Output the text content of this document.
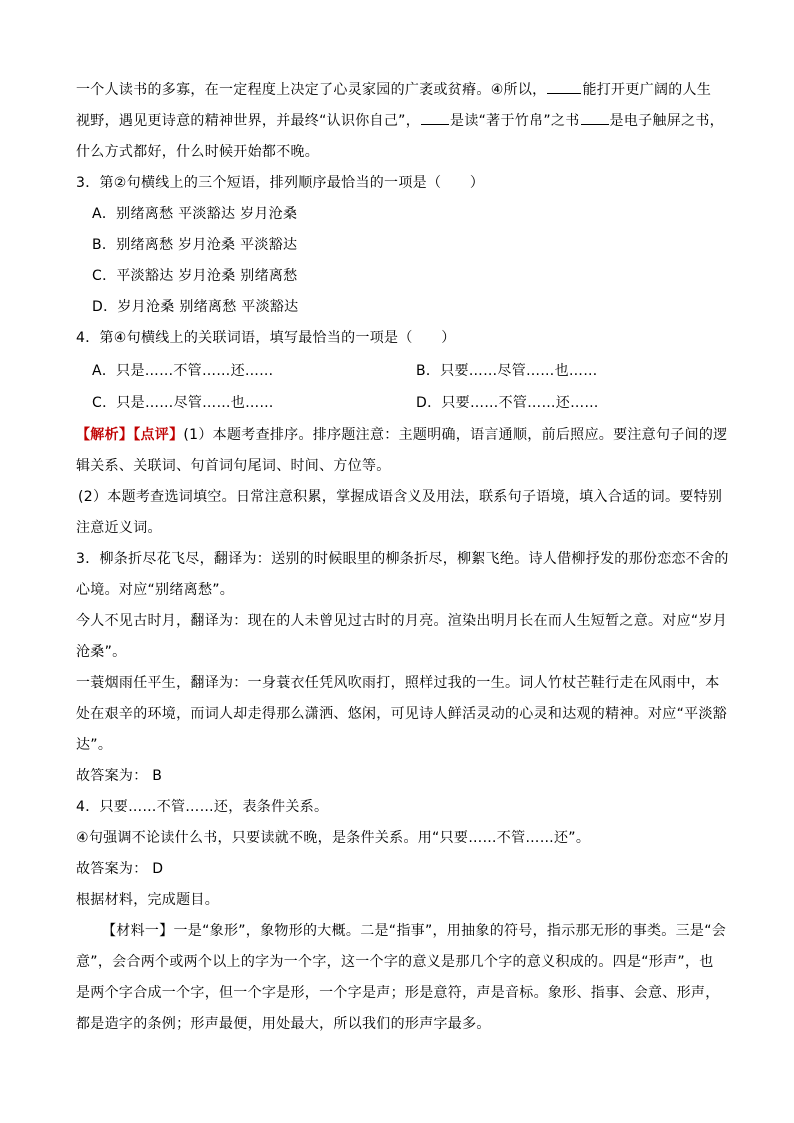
一个人读书的多寡，在一定程度上决定了心灵家园的广袤或贫瘠。④所以，	能打开更广阔的人生
视野，遇见更诗意的精神世界，并最终“认识你自己”， 是读“著于竹帛”之书 是电子触屏之书，
什么方式都好，什么时候开始都不晚。
3．第②句横线上的三个短语，排列顺序最恰当的一项是（　　）
A．别绪离愁 平淡豁达 岁月沧桑
B．别绪离愁 岁月沧桑 平淡豁达
C．平淡豁达 岁月沧桑 别绪离愁
D．岁月沧桑 别绪离愁 平淡豁达
4．第④句横线上的关联词语，填写最恰当的一项是（　　）
A．只是……不管……还……	B．只要……尽管……也……
C．只是……尽管……也……	D．只要……不管……还……
【解析】【点评】(1）本题考查排序。排序题注意：主题明确，语言通顺，前后照应。要注意句子间的逻
辑关系、关联词、句首词句尾词、时间、方位等。
(2）本题考查选词填空。日常注意积累，掌握成语含义及用法，联系句子语境，填入合适的词。要特别
注意近义词。
3．柳条折尽花飞尽，翻译为：送别的时候眼里的柳条折尽，柳絮飞绝。诗人借柳抒发的那份恋恋不舍的
心境。对应“别绪离愁”。
今人不见古时月，翻译为：现在的人未曾见过古时的月亮。渲染出明月长在而人生短暂之意。对应“岁月
沧桑”。
一蓑烟雨任平生，翻译为：一身蓑衣任凭风吹雨打，照样过我的一生。词人竹杖芒鞋行走在风雨中，本
处在艰辛的环境，而词人却走得那么潇洒、悠闲，可见诗人鲜活灵动的心灵和达观的精神。对应“平淡豁
达”。
故答案为： B
4．只要……不管……还，表条件关系。
④句强调不论读什么书，只要读就不晚，是条件关系。用“只要……不管……还”。
故答案为： D
根据材料，完成题目。
【材料一】一是“象形”，象物形的大概。二是“指事”，用抽象的符号，指示那无形的事类。三是“会
意”，会合两个或两个以上的字为一个字，这一个字的意义是那几个字的意义积成的。四是“形声”，也
是两个字合成一个字，但一个字是形，一个字是声；形是意符，声是音标。象形、指事、会意、形声，
都是造字的条例；形声最便，用处最大，所以我们的形声字最多。
